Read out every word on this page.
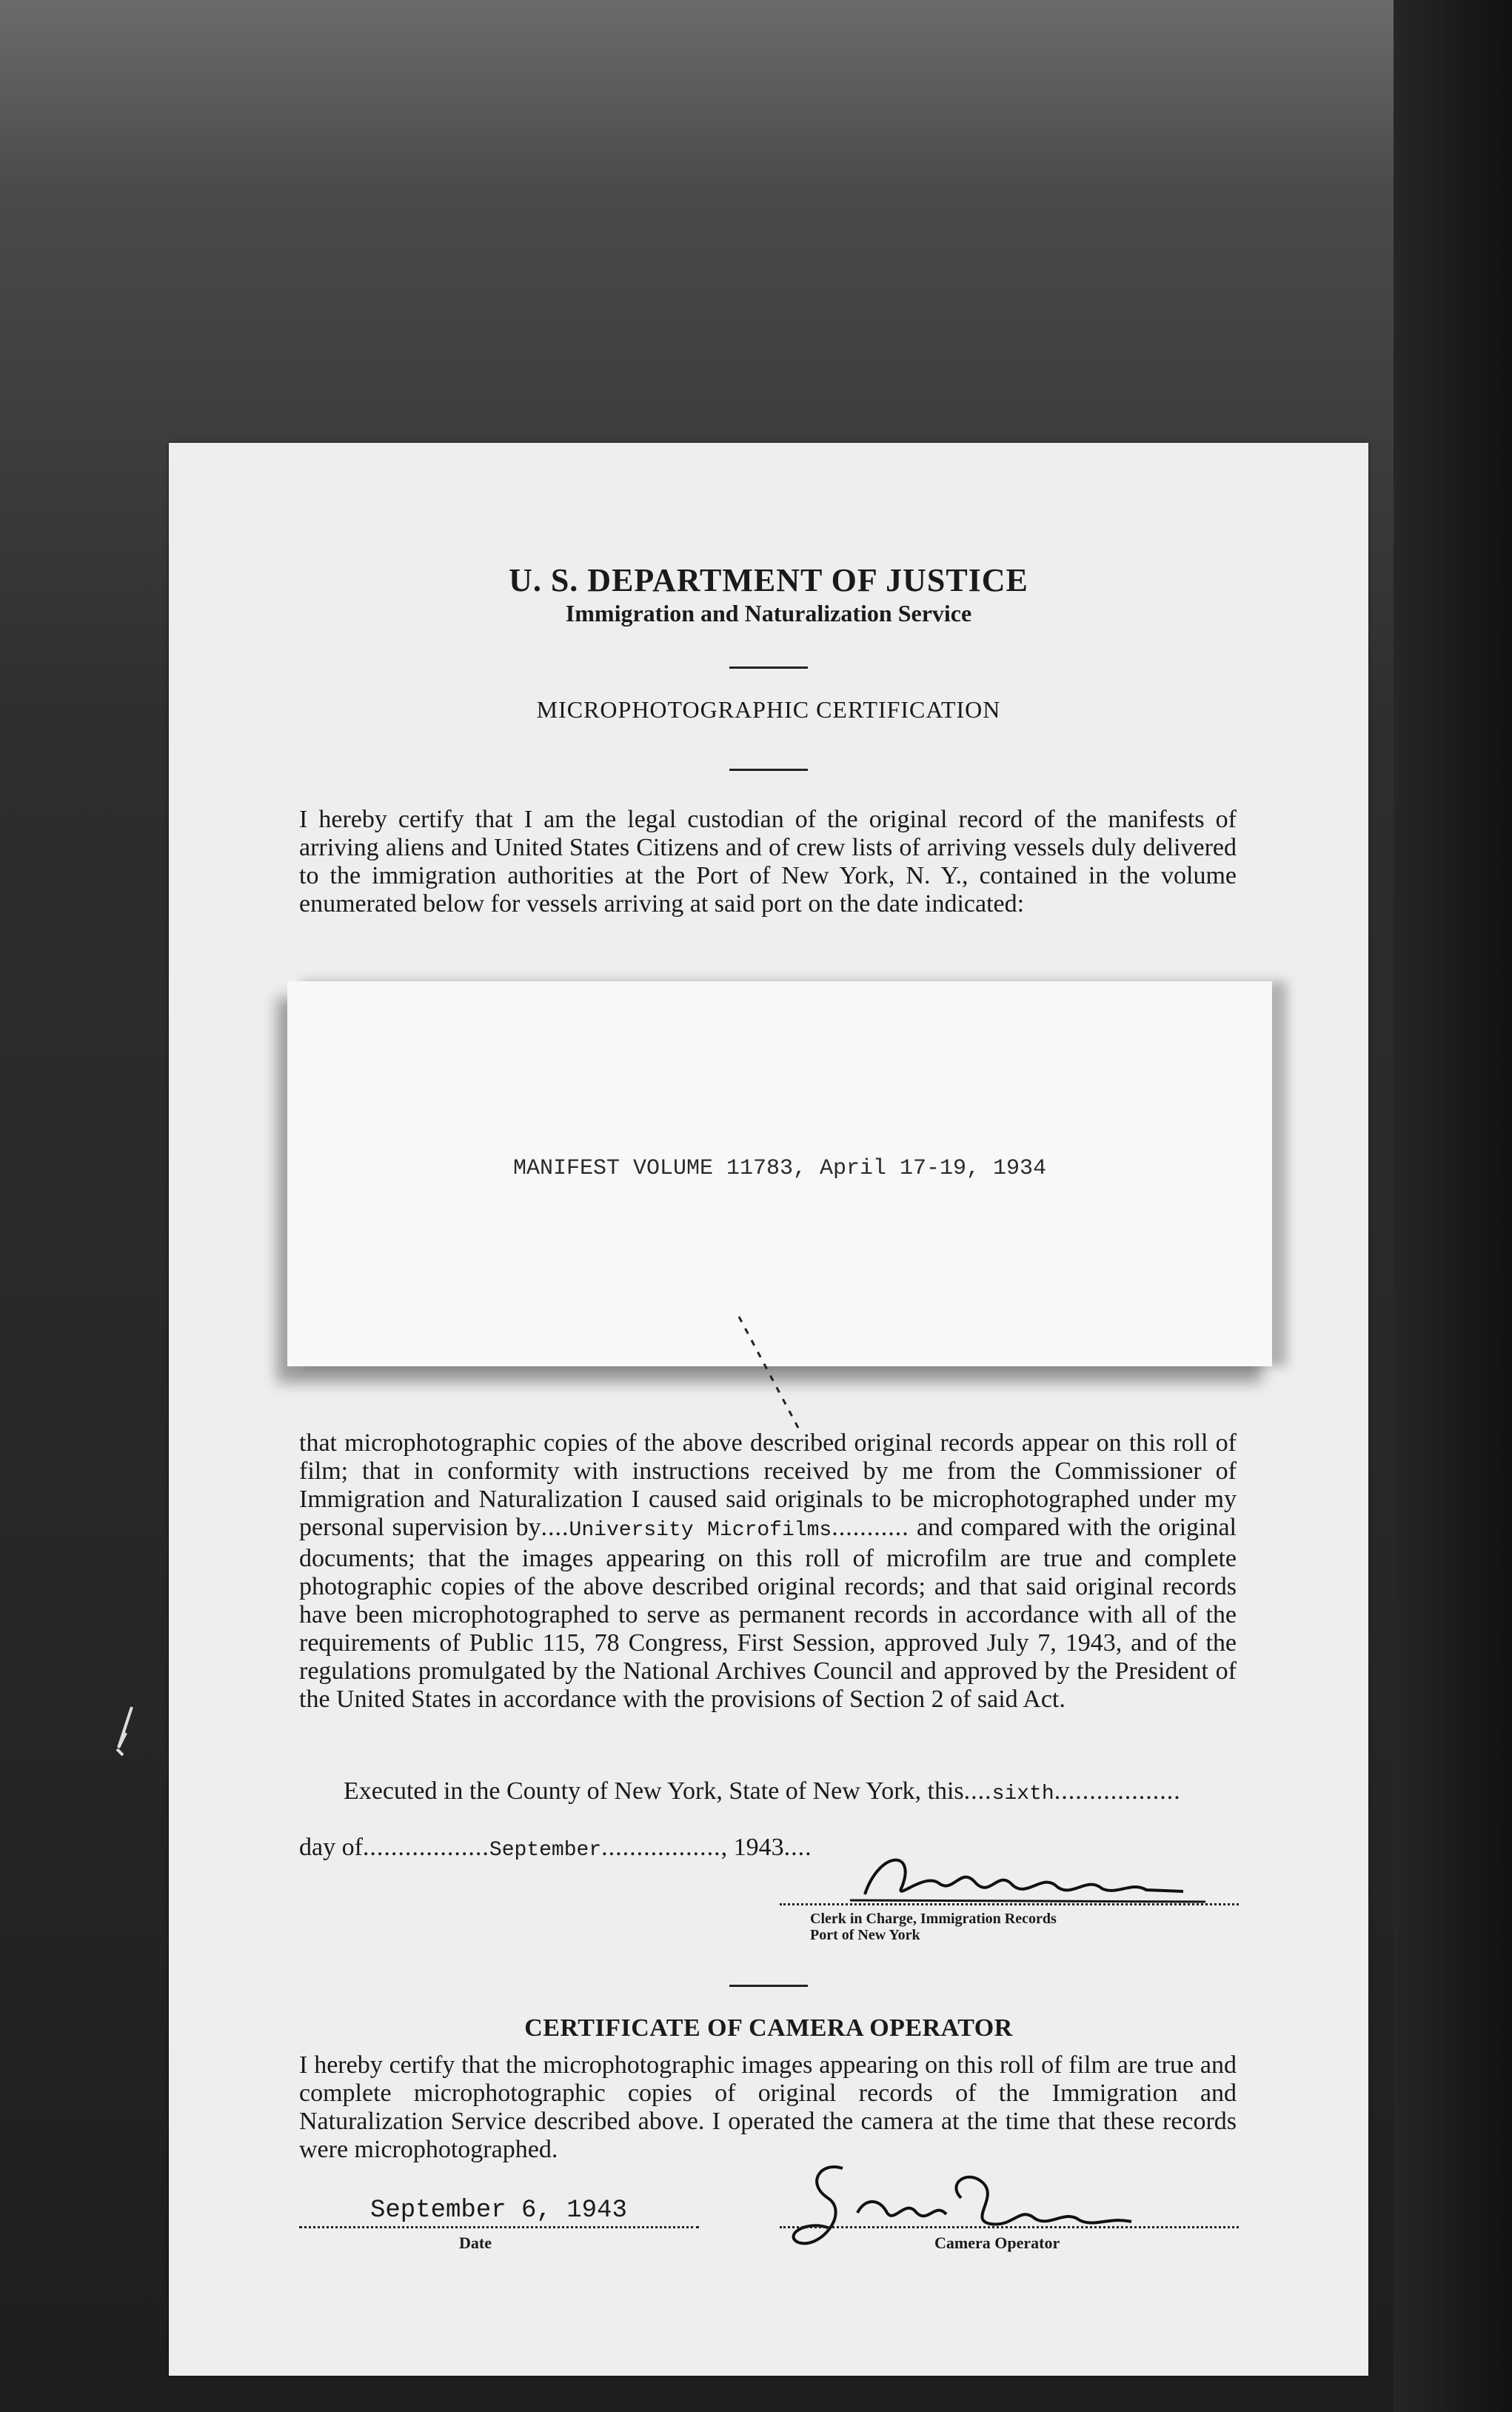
U. S. DEPARTMENT OF JUSTICE
Immigration and Naturalization Service
MICROPHOTOGRAPHIC CERTIFICATION
I hereby certify that I am the legal custodian of the original record of the manifests of arriving aliens and United States Citizens and of crew lists of arriving vessels duly delivered to the immigration authorities at the Port of New York, N. Y., contained in the volume enumerated below for vessels arriving at said port on the date indicated:
MANIFEST VOLUME 11783, April 17-19, 1934
that microphotographic copies of the above described original records appear on this roll of film; that in conformity with instructions received by me from the Commissioner of Immigration and Naturalization I caused said originals to be microphotographed under my personal supervision by....University Microfilms........... and compared with the original documents; that the images appearing on this roll of microfilm are true and complete photographic copies of the above described original records; and that said original records have been microphotographed to serve as permanent records in accordance with all of the requirements of Public 115, 78 Congress, First Session, approved July 7, 1943, and of the regulations promulgated by the National Archives Council and approved by the President of the United States in accordance with the provisions of Section 2 of said Act.
Executed in the County of New York, State of New York, this....sixth..................
day of..................September................., 1943....
Clerk in Charge, Immigration Records
Port of New York
CERTIFICATE OF CAMERA OPERATOR
I hereby certify that the microphotographic images appearing on this roll of film are true and complete microphotographic copies of original records of the Immigration and Naturalization Service described above. I operated the camera at the time that these records were microphotographed.
September 6, 1943
Date	Camera Operator
